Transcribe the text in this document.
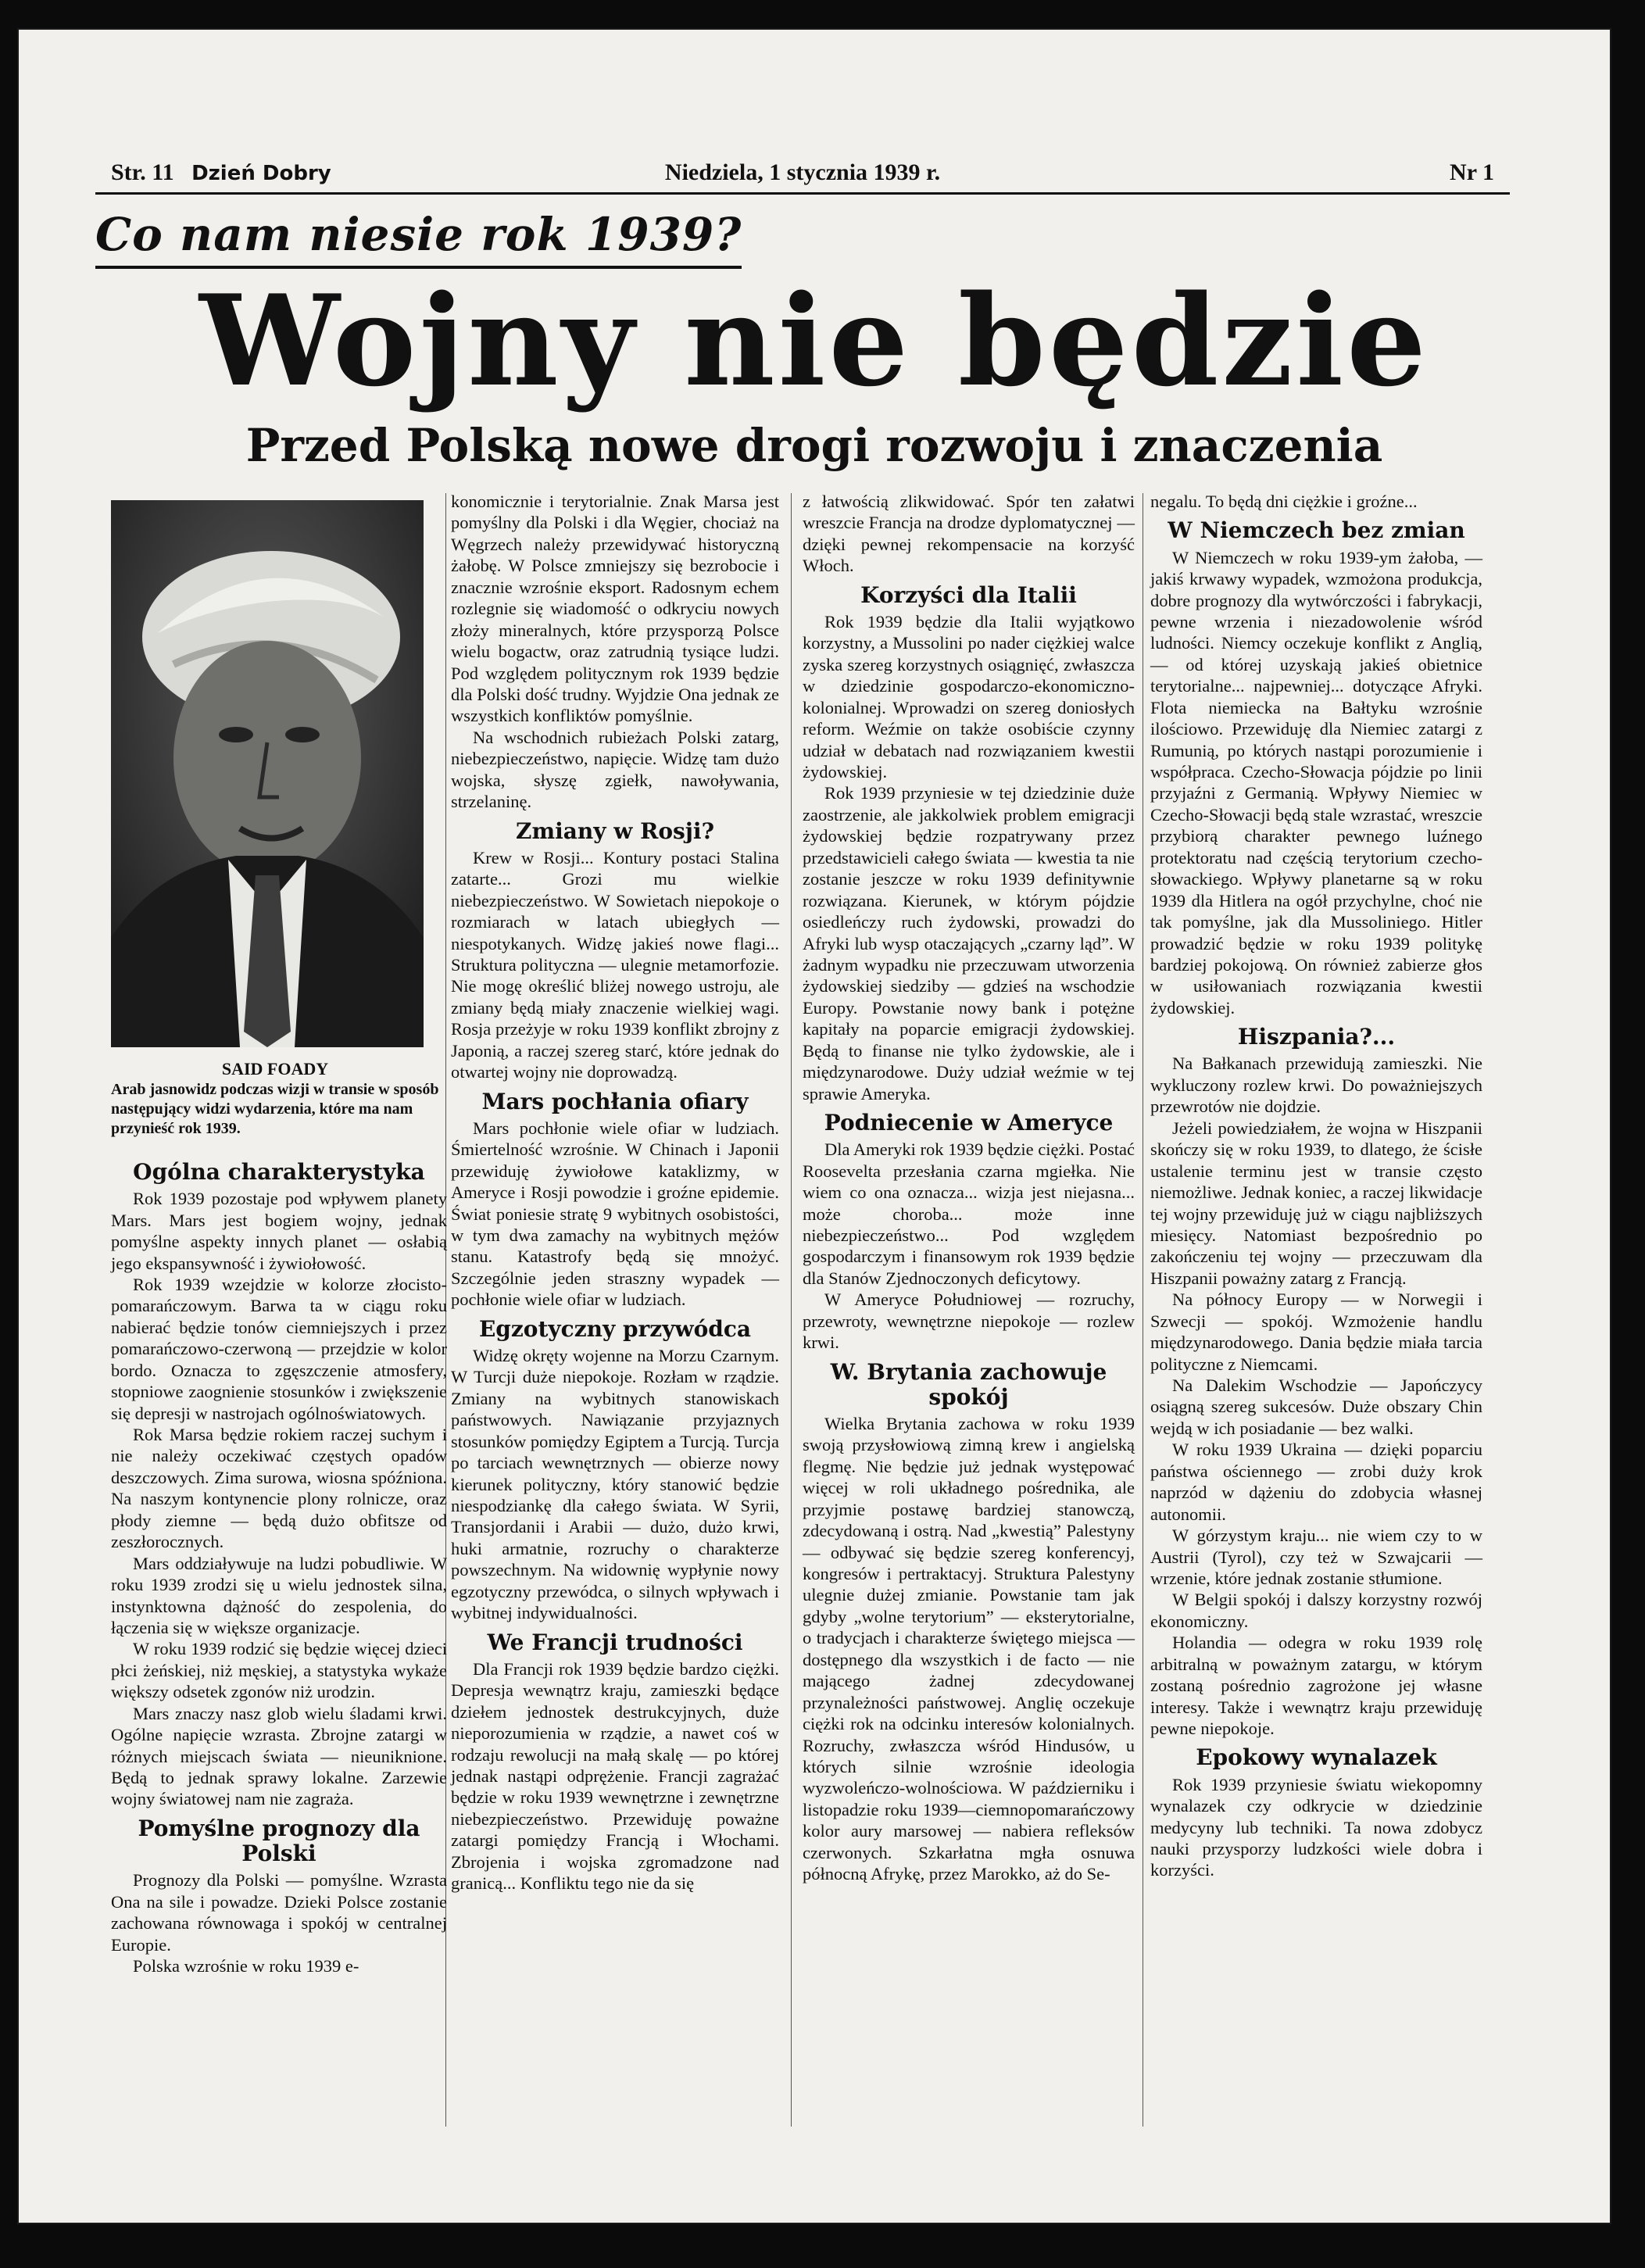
Str. 11 Dzień Dobry	Niedziela, 1 stycznia 1939 r.	Nr 1
Co nam niesie rok 1939?
Wojny nie będzie
Przed Polską nowe drogi rozwoju i znaczenia
SAID FOADY
Arab jasnowidz podczas wizji w transie w sposób następujący widzi wydarzenia, które ma nam przynieść rok 1939.
Ogólna charakterystyka

Rok 1939 pozostaje pod wpływem planety Mars. Mars jest bogiem wojny, jednak pomyślne aspekty innych planet — osłabią jego ekspansywność i żywiołowość.

Rok 1939 wzejdzie w kolorze złocisto-pomarańczowym. Barwa ta w ciągu roku nabierać będzie tonów ciemniejszych i przez pomarańczowo-czerwoną — przejdzie w kolor bordo. Oznacza to zgęszczenie atmosfery, stopniowe zaognienie stosunków i zwiększenie się depresji w nastrojach ogólnoświatowych.

Rok Marsa będzie rokiem raczej suchym i nie należy oczekiwać częstych opadów deszczowych. Zima surowa, wiosna spóźniona. Na naszym kontynencie plony rolnicze, oraz płody ziemne — będą dużo obfitsze od zeszłorocznych.

Mars oddziaływuje na ludzi pobudliwie. W roku 1939 zrodzi się u wielu jednostek silna, instynktowna dążność do zespolenia, do łączenia się w większe organizacje.

W roku 1939 rodzić się będzie więcej dzieci płci żeńskiej, niż męskiej, a statystyka wykaże większy odsetek zgonów niż urodzin.

Mars znaczy nasz glob wielu śladami krwi. Ogólne napięcie wzrasta. Zbrojne zatargi w różnych miejscach świata — nieuniknione. Będą to jednak sprawy lokalne. Zarzewie wojny światowej nam nie zagraża.

Pomyślne prognozy dla Polski

Prognozy dla Polski — pomyślne. Wzrasta Ona na sile i powadze. Dzieki Polsce zostanie zachowana równowaga i spokój w centralnej Europie.

Polska wzrośnie w roku 1939 e-

konomicznie i terytorialnie. Znak Marsa jest pomyślny dla Polski i dla Węgier, chociaż na Węgrzech należy przewidywać historyczną żałobę. W Polsce zmniejszy się bezrobocie i znacznie wzrośnie eksport. Radosnym echem rozlegnie się wiadomość o odkryciu nowych złoży mineralnych, które przysporzą Polsce wielu bogactw, oraz zatrudnią tysiące ludzi. Pod względem politycznym rok 1939 będzie dla Polski dość trudny. Wyjdzie Ona jednak ze wszystkich konfliktów pomyślnie.

Na wschodnich rubieżach Polski zatarg, niebezpieczeństwo, napięcie. Widzę tam dużo wojska, słyszę zgiełk, nawoływania, strzelaninę.

Zmiany w Rosji?

Krew w Rosji... Kontury postaci Stalina zatarte... Grozi mu wielkie niebezpieczeństwo. W Sowietach niepokoje o rozmiarach w latach ubiegłych — niespotykanych. Widzę jakieś nowe flagi... Struktura polityczna — ulegnie metamorfozie. Nie mogę określić bliżej nowego ustroju, ale zmiany będą miały znaczenie wielkiej wagi. Rosja przeżyje w roku 1939 konflikt zbrojny z Japonią, a raczej szereg starć, które jednak do otwartej wojny nie doprowadzą.

Mars pochłania ofiary

Mars pochłonie wiele ofiar w ludziach. Śmiertelność wzrośnie. W Chinach i Japonii przewiduję żywiołowe kataklizmy, w Ameryce i Rosji powodzie i groźne epidemie. Świat poniesie stratę 9 wybitnych osobistości, w tym dwa zamachy na wybitnych mężów stanu. Katastrofy będą się mnożyć. Szczególnie jeden straszny wypadek — pochłonie wiele ofiar w ludziach.

Egzotyczny przywódca

Widzę okręty wojenne na Morzu Czarnym. W Turcji duże niepokoje. Rozłam w rządzie. Zmiany na wybitnych stanowiskach państwowych. Nawiązanie przyjaznych stosunków pomiędzy Egiptem a Turcją. Turcja po tarciach wewnętrznych — obierze nowy kierunek polityczny, który stanowić będzie niespodziankę dla całego świata. W Syrii, Transjordanii i Arabii — dużo, dużo krwi, huki armatnie, rozruchy o charakterze powszechnym. Na widownię wypłynie nowy egzotyczny przewódca, o silnych wpływach i wybitnej indywidualności.

We Francji trudności

Dla Francji rok 1939 będzie bardzo ciężki. Depresja wewnątrz kraju, zamieszki będące dziełem jednostek destrukcyjnych, duże nieporozumienia w rządzie, a nawet coś w rodzaju rewolucji na małą skalę — po której jednak nastąpi odprężenie. Francji zagrażać będzie w roku 1939 wewnętrzne i zewnętrzne niebezpieczeństwo. Przewiduję poważne zatargi pomiędzy Francją i Włochami. Zbrojenia i wojska zgromadzone nad granicą... Konfliktu tego nie da się

z łatwością zlikwidować. Spór ten załatwi wreszcie Francja na drodze dyplomatycznej — dzięki pewnej rekompensacie na korzyść Włoch.

Korzyści dla Italii

Rok 1939 będzie dla Italii wyjątkowo korzystny, a Mussolini po nader ciężkiej walce zyska szereg korzystnych osiągnięć, zwłaszcza w dziedzinie gospodarczo-ekonomiczno-kolonialnej. Wprowadzi on szereg doniosłych reform. Weźmie on także osobiście czynny udział w debatach nad rozwiązaniem kwestii żydowskiej.

Rok 1939 przyniesie w tej dziedzinie duże zaostrzenie, ale jakkolwiek problem emigracji żydowskiej będzie rozpatrywany przez przedstawicieli całego świata — kwestia ta nie zostanie jeszcze w roku 1939 definitywnie rozwiązana. Kierunek, w którym pójdzie osiedleńczy ruch żydowski, prowadzi do Afryki lub wysp otaczających „czarny ląd”. W żadnym wypadku nie przeczuwam utworzenia żydowskiej siedziby — gdzieś na wschodzie Europy. Powstanie nowy bank i potężne kapitały na poparcie emigracji żydowskiej. Będą to finanse nie tylko żydowskie, ale i międzynarodowe. Duży udział weźmie w tej sprawie Ameryka.

Podniecenie w Ameryce

Dla Ameryki rok 1939 będzie ciężki. Postać Roosevelta przesłania czarna mgiełka. Nie wiem co ona oznacza... wizja jest niejasna... może choroba... może inne niebezpieczeństwo... Pod względem gospodarczym i finansowym rok 1939 będzie dla Stanów Zjednoczonych deficytowy.

W Ameryce Południowej — rozruchy, przewroty, wewnętrzne niepokoje — rozlew krwi.

W. Brytania zachowuje spokój

Wielka Brytania zachowa w roku 1939 swoją przysłowiową zimną krew i angielską flegmę. Nie będzie już jednak występować więcej w roli układnego pośrednika, ale przyjmie postawę bardziej stanowczą, zdecydowaną i ostrą. Nad „kwestią” Palestyny — odbywać się będzie szereg konferencyj, kongresów i pertraktacyj. Struktura Palestyny ulegnie dużej zmianie. Powstanie tam jak gdyby „wolne terytorium” — eksterytorialne, o tradycjach i charakterze świętego miejsca — dostępnego dla wszystkich i de facto — nie mającego żadnej zdecydowanej przynależności państwowej. Anglię oczekuje ciężki rok na odcinku interesów kolonialnych. Rozruchy, zwłaszcza wśród Hindusów, u których silnie wzrośnie ideologia wyzwoleńczo-wolnościowa. W październiku i listopadzie roku 1939—ciemnopomarańczowy kolor aury marsowej — nabiera refleksów czerwonych. Szkarłatna mgła osnuwa północną Afrykę, przez Marokko, aż do Se-

negalu. To będą dni ciężkie i groźne...

W Niemczech bez zmian

W Niemczech w roku 1939-ym żałoba, — jakiś krwawy wypadek, wzmożona produkcja, dobre prognozy dla wytwórczości i fabrykacji, pewne wrzenia i niezadowolenie wśród ludności. Niemcy oczekuje konflikt z Anglią, — od której uzyskają jakieś obietnice terytorialne... najpewniej... dotyczące Afryki. Flota niemiecka na Bałtyku wzrośnie ilościowo. Przewiduję dla Niemiec zatargi z Rumunią, po których nastąpi porozumienie i współpraca. Czecho-Słowacja pójdzie po linii przyjaźni z Germanią. Wpływy Niemiec w Czecho-Słowacji będą stale wzrastać, wreszcie przybiorą charakter pewnego luźnego protektoratu nad częścią terytorium czecho-słowackiego. Wpływy planetarne są w roku 1939 dla Hitlera na ogół przychylne, choć nie tak pomyślne, jak dla Mussoliniego. Hitler prowadzić będzie w roku 1939 politykę bardziej pokojową. On również zabierze głos w usiłowaniach rozwiązania kwestii żydowskiej.

Hiszpania?...

Na Bałkanach przewidują zamieszki. Nie wykluczony rozlew krwi. Do poważniejszych przewrotów nie dojdzie.

Jeżeli powiedziałem, że wojna w Hiszpanii skończy się w roku 1939, to dlatego, że ścisłe ustalenie terminu jest w transie często niemożliwe. Jednak koniec, a raczej likwidacje tej wojny przewiduję już w ciągu najbliższych miesięcy. Natomiast bezpośrednio po zakończeniu tej wojny — przeczuwam dla Hiszpanii poważny zatarg z Francją.

Na północy Europy — w Norwegii i Szwecji — spokój. Wzmożenie handlu międzynarodowego. Dania będzie miała tarcia polityczne z Niemcami.

Na Dalekim Wschodzie — Japończycy osiągną szereg sukcesów. Duże obszary Chin wejdą w ich posiadanie — bez walki.

W roku 1939 Ukraina — dzięki poparciu państwa ościennego — zrobi duży krok naprzód w dążeniu do zdobycia własnej autonomii.

W górzystym kraju... nie wiem czy to w Austrii (Tyrol), czy też w Szwajcarii — wrzenie, które jednak zostanie stłumione.

W Belgii spokój i dalszy korzystny rozwój ekonomiczny.

Holandia — odegra w roku 1939 rolę arbitralną w poważnym zatargu, w którym zostaną pośrednio zagrożone jej własne interesy. Także i wewnątrz kraju przewiduję pewne niepokoje.

Epokowy wynalazek

Rok 1939 przyniesie światu wiekopomny wynalazek czy odkrycie w dziedzinie medycyny lub techniki. Ta nowa zdobycz nauki przysporzy ludzkości wiele dobra i korzyści.
